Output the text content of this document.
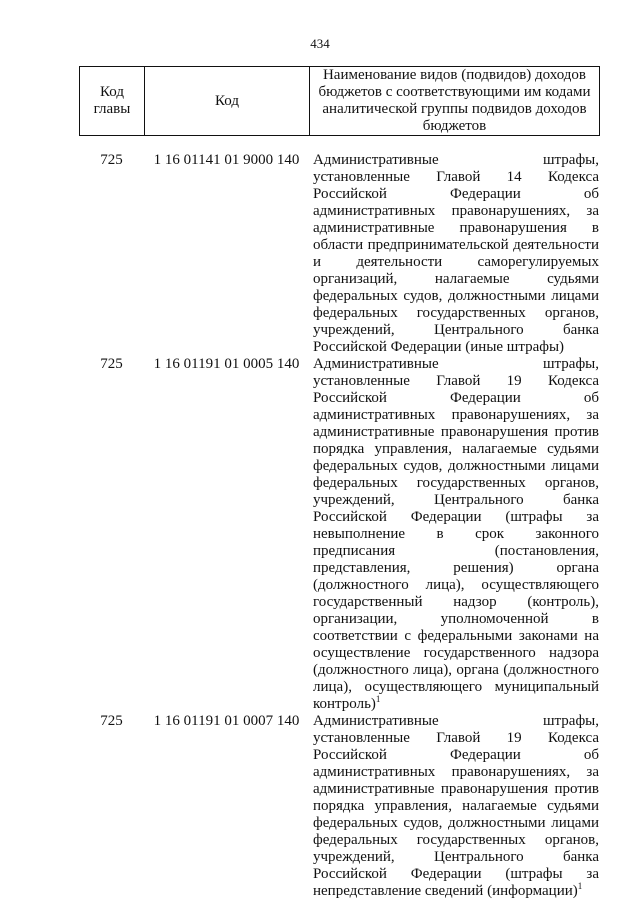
434
Код главы	Код	Наименование видов (подвидов) доходов бюджетов с соответствующими им кодами аналитической группы подвидов доходов бюджетов
725	1 16 01141 01 9000 140 Административные штрафы, установленные Главой 14 Кодекса Российской Федерации об административных правонарушениях, за административные правонарушения в области предпринимательской деятельности и деятельности саморегулируемых организаций, налагаемые судьями федеральных судов, должностными лицами федеральных государственных органов, учреждений, Центрального банка Российской Федерации (иные штрафы)
725	1 16 01191 01 0005 140 Административные штрафы, установленные Главой 19 Кодекса Российской Федерации об административных правонарушениях, за административные правонарушения против порядка управления, налагаемые судьями федеральных судов, должностными лицами федеральных государственных органов, учреждений, Центрального банка Российской Федерации (штрафы за невыполнение в срок законного предписания (постановления, представления, решения) органа (должностного лица), осуществляющего государственный надзор (контроль), организации, уполномоченной в соответствии с федеральными законами на осуществление государственного надзора (должностного лица), органа (должностного лица), осуществляющего муниципальный контроль)$^1$
725	1 16 01191 01 0007 140 Административные штрафы, установленные Главой 19 Кодекса Российской Федерации об административных правонарушениях, за административные правонарушения против порядка управления, налагаемые судьями федеральных судов, должностными лицами федеральных государственных органов, учреждений, Центрального банка Российской Федерации (штрафы за непредставление сведений (информации)$^1$
